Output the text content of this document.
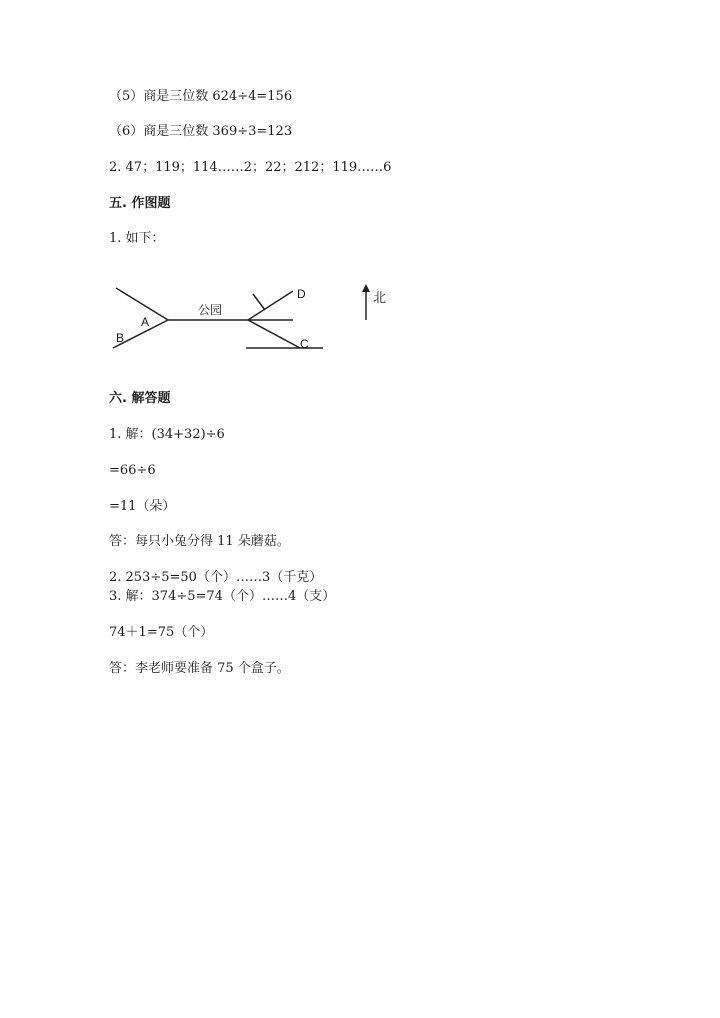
（5）商是三位数 624÷4=156
（6）商是三位数 369÷3=123
2. 47；119；114……2；22；212；119……6
五. 作图题
1. 如下：
公园
A
B
D
C
北
六. 解答题
1. 解：(34+32)÷6
=66÷6
=11（朵）
答：每只小兔分得 11 朵蘑菇。
2. 253÷5=50（个）……3（千克）
3. 解：374÷5=74（个）……4（支）
74＋1=75（个）
答：李老师要准备 75 个盒子。
